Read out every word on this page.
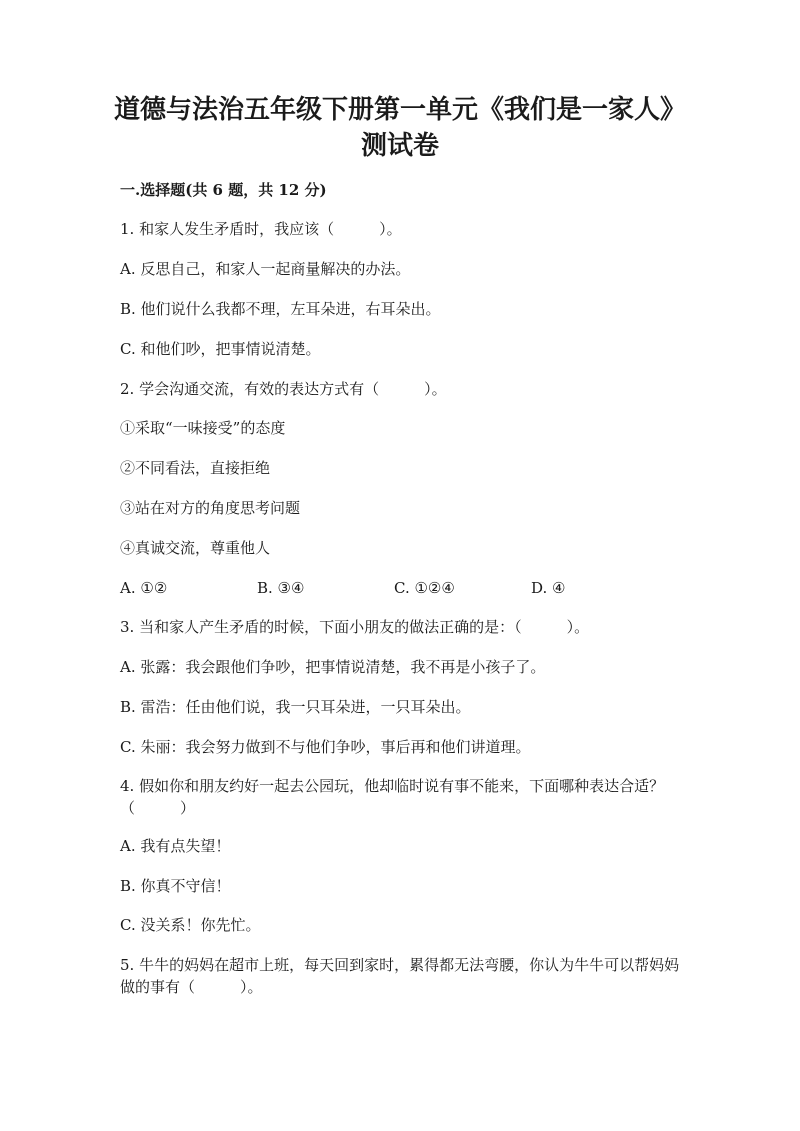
道德与法治五年级下册第一单元《我们是一家人》
测试卷

一.选择题(共 6 题，共 12 分)

1. 和家人发生矛盾时，我应该（　　　）。

A. 反思自己，和家人一起商量解决的办法。

B. 他们说什么我都不理，左耳朵进，右耳朵出。

C. 和他们吵，把事情说清楚。

2. 学会沟通交流，有效的表达方式有（　　　）。

①采取“一味接受”的态度

②不同看法，直接拒绝

③站在对方的角度思考问题

④真诚交流，尊重他人

A. ①②	B. ③④	C. ①②④	D. ④

3. 当和家人产生矛盾的时候，下面小朋友的做法正确的是：（　　　）。

A. 张露：我会跟他们争吵，把事情说清楚，我不再是小孩子了。

B. 雷浩：任由他们说，我一只耳朵进，一只耳朵出。

C. 朱丽：我会努力做到不与他们争吵，事后再和他们讲道理。

4. 假如你和朋友约好一起去公园玩，他却临时说有事不能来，下面哪种表达合适？（　　　）

A. 我有点失望！

B. 你真不守信！

C. 没关系！你先忙。

5. 牛牛的妈妈在超市上班，每天回到家时，累得都无法弯腰，你认为牛牛可以帮妈妈做的事有（　　　）。
